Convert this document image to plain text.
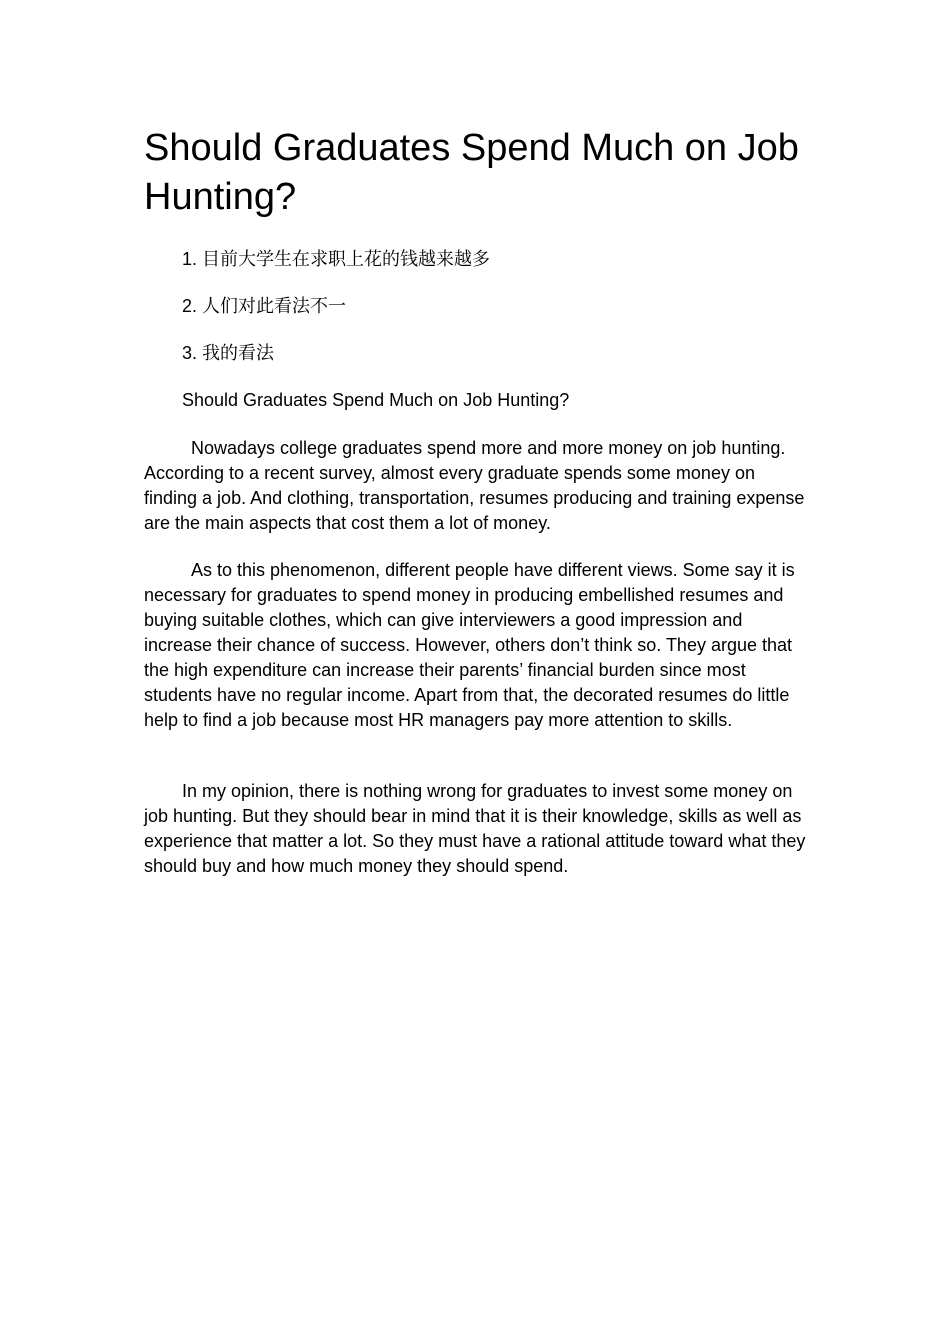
Should Graduates Spend Much on Job Hunting?

1. 目前大学生在求职上花的钱越来越多

2. 人们对此看法不一

3. 我的看法

Should Graduates Spend Much on Job Hunting?

Nowadays college graduates spend more and more money on job hunting. According to a recent survey, almost every graduate spends some money on finding a job. And clothing, transportation, resumes producing and training expense are the main aspects that cost them a lot of money.

As to this phenomenon, different people have different views. Some say it is necessary for graduates to spend money in producing embellished resumes and buying suitable clothes, which can give interviewers a good impression and increase their chance of success. However, others don’t think so. They argue that the high expenditure can increase their parents’ financial burden since most students have no regular income. Apart from that, the decorated resumes do little help to find a job because most HR managers pay more attention to skills.

In my opinion, there is nothing wrong for graduates to invest some money on job hunting. But they should bear in mind that it is their knowledge, skills as well as experience that matter a lot. So they must have a rational attitude toward what they should buy and how much money they should spend.
